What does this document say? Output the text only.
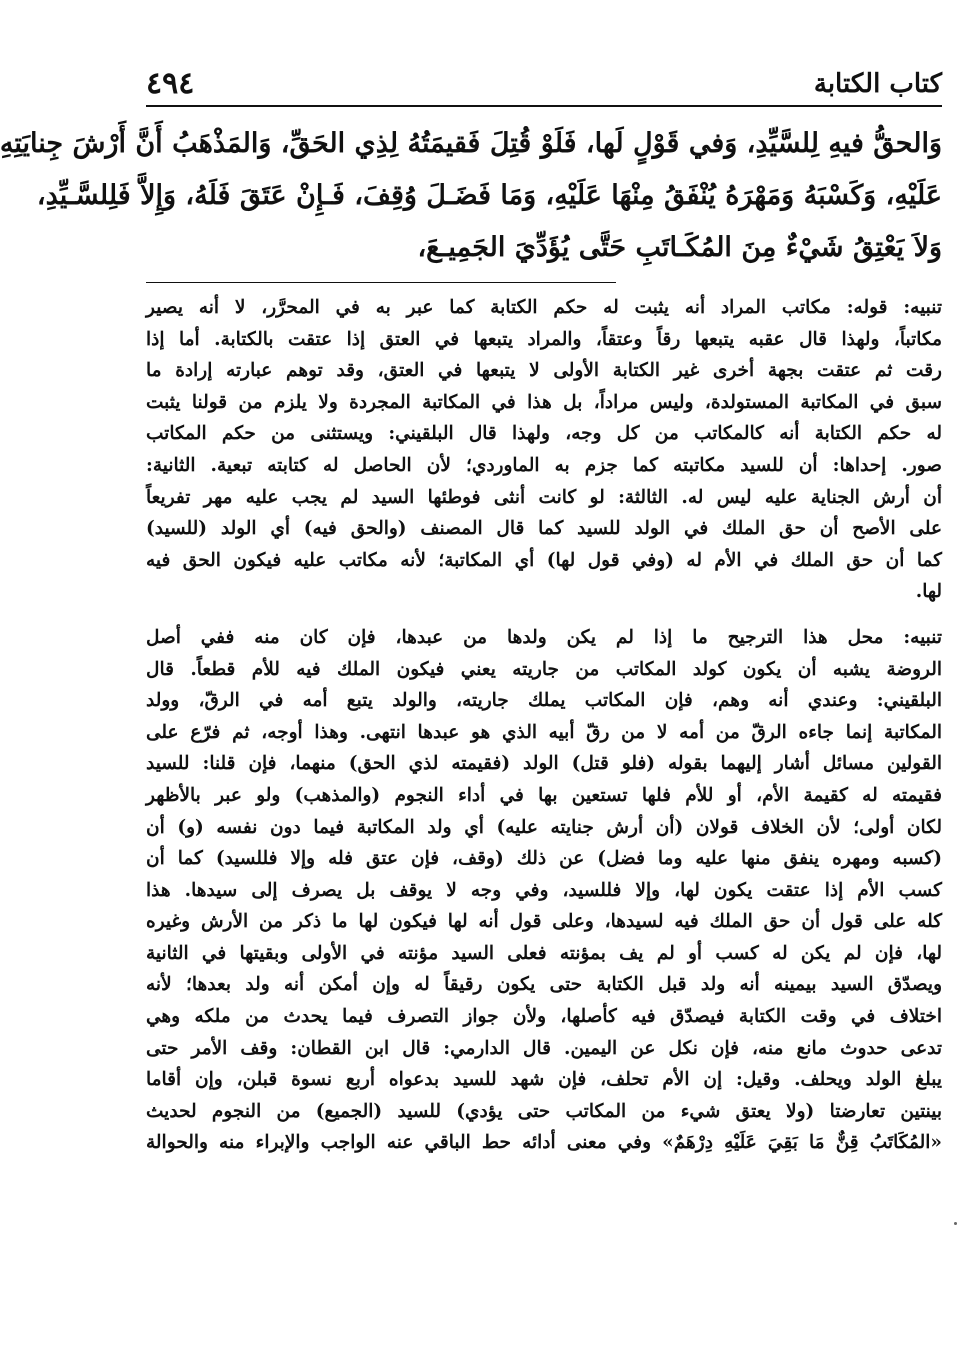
كتاب الكتابة
٤٩٤
وَالحقُّ فيهِ لِلسَّيِّدِ، وَفي قَوْلٍ لَها، فَلَوْ قُتِلَ فَقيمَتُهُ لِذِي الحَقِّ، وَالمَذْهَبُ أَنَّ أَرْشَ جِنايَتِهِ
عَلَيْهِ، وَكَسْبَهُ وَمَهْرَهُ يُنْفَقُ مِنْهَا عَلَيْهِ، وَمَا فَضَـلَ وُقِفَ، فَـإِنْ عَتَقَ فَلَهُ، وَإِلاَّ فَلِلسَّـيِّدِ،
وَلاَ يَعْتِقُ شَيْءٌ مِنَ المُكَـاتَبِ حَتَّى يُؤَدِّيَ الجَمِيـعَ،
تنبيه: قوله: مكاتب المراد أنه يثبت له حكم الكتابة كما عبر به في المحرَّر، لا أنه يصير
مكاتباً، ولهذا قال عقبه يتبعها رقاً وعتقاً، والمراد يتبعها في العتق إذا عتقت بالكتابة. أما إذا
رقت ثم عتقت بجهة أخرى غير الكتابة الأولى لا يتبعها في العتق، وقد توهم عبارته إرادة ما
سبق في المكاتبة المستولدة، وليس مراداً، بل هذا في المكاتبة المجردة ولا يلزم من قولنا يثبت
له حكم الكتابة أنه كالمكاتب من كل وجه، ولهذا قال البلقيني: ويستثنى من حكم المكاتب
صور. إحداها: أن للسيد مكاتبته كما جزم به الماوردي؛ لأن الحاصل له كتابته تبعية. الثانية:
أن أرش الجناية عليه ليس له. الثالثة: لو كانت أنثى فوطئها السيد لم يجب عليه مهر تفريعاً
على الأصح أن حق الملك في الولد للسيد كما قال المصنف (والحق فيه) أي الولد (للسيد)
كما أن حق الملك في الأم له (وفي قول لها) أي المكاتبة؛ لأنه مكاتب عليه فيكون الحق فيه
لها.
تنبيه: محل هذا الترجيح ما إذا لم يكن ولدها من عبدها، فإن كان منه ففي أصل
الروضة يشبه أن يكون كولد المكاتب من جاريته يعني فيكون الملك فيه للأم قطعاً. قال
البلقيني: وعندي أنه وهم، فإن المكاتب يملك جاريته، والولد يتبع أمه في الرقّ، وولد
المكاتبة إنما جاءه الرقّ من أمه لا من رقّ أبيه الذي هو عبدها انتهى. وهذا أوجه، ثم فرّع على
القولين مسائل أشار إليهما بقوله (فلو قتل) الولد (فقيمته لذي الحق) منهما، فإن قلنا: للسيد
فقيمته له كقيمة الأم، أو للأم فلها تستعين بها في أداء النجوم (والمذهب) ولو عبر بالأظهر
لكان أولى؛ لأن الخلاف قولان (أن أرش جنايته عليه) أي ولد المكاتبة فيما دون نفسه (و) أن
(كسبه ومهره ينفق منها عليه وما فضل) عن ذلك (وقف، فإن عتق فله وإلا فللسيد) كما أن
كسب الأم إذا عتقت يكون لها، وإلا فللسيد، وفي وجه لا يوقف بل يصرف إلى سيدها. هذا
كله على قول أن حق الملك فيه لسيدها، وعلى قول أنه لها فيكون لها ما ذكر من الأرش وغيره
لها، فإن لم يكن له كسب أو لم يف بمؤنته فعلى السيد مؤنته في الأولى وبقيتها في الثانية
ويصدّق السيد بيمينه أنه ولد قبل الكتابة حتى يكون رقيقاً له وإن أمكن أنه ولد بعدها؛ لأنه
اختلاف في وقت الكتابة فيصدّق فيه كأصلها، ولأن جواز التصرف فيما يحدث من ملكه وهي
تدعى حدوث مانع منه، فإن نكل عن اليمين. قال الدارمي: قال ابن القطان: وقف الأمر حتى
يبلغ الولد ويحلف. وقيل: إن الأم تحلف، فإن شهد للسيد بدعواه أربع نسوة قبلن، وإن أقاما
بينتين تعارضتا (ولا يعتق شيء من المكاتب حتى يؤدي) للسيد (الجميع) من النجوم لحديث
«المُكَاتَبُ قِنٌّ مَا بَقِيَ عَلَيْهِ دِرْهَمٌ» وفي معنى أدائه حط الباقي عنه الواجب والإبراء منه والحوالة
